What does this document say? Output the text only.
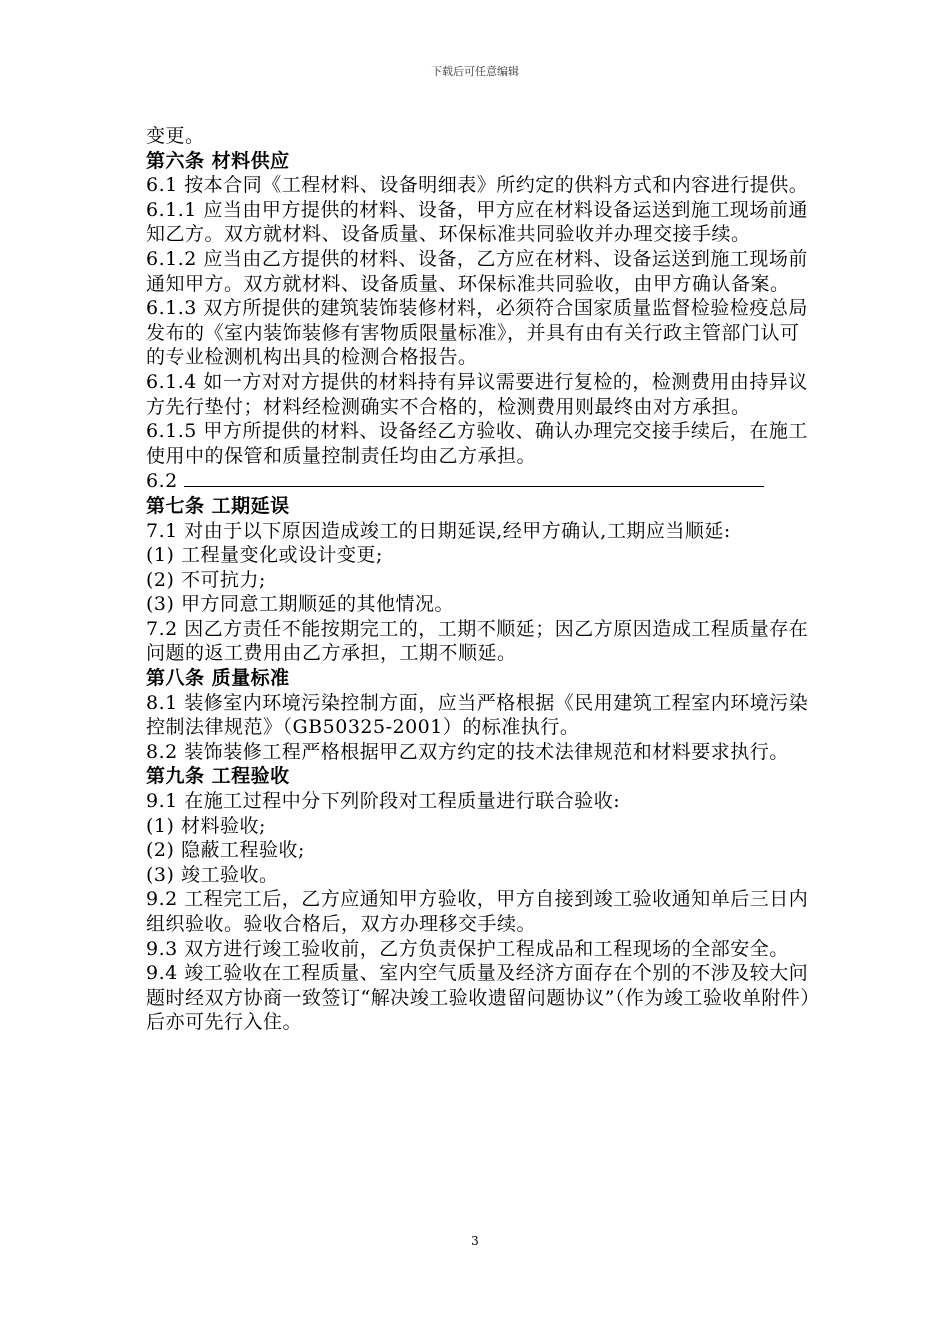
下载后可任意编辑

变更。

第六条 材料供应

6.1 按本合同《工程材料、设备明细表》所约定的供料方式和内容进行提供。

6.1.1 应当由甲方提供的材料、设备，甲方应在材料设备运送到施工现场前通知乙方。双方就材料、设备质量、环保标准共同验收并办理交接手续。

6.1.2 应当由乙方提供的材料、设备，乙方应在材料、设备运送到施工现场前通知甲方。双方就材料、设备质量、环保标准共同验收，由甲方确认备案。

6.1.3 双方所提供的建筑装饰装修材料，必须符合国家质量监督检验检疫总局发布的《室内装饰装修有害物质限量标准》，并具有由有关行政主管部门认可的专业检测机构出具的检测合格报告。

6.1.4 如一方对对方提供的材料持有异议需要进行复检的，检测费用由持异议方先行垫付；材料经检测确实不合格的，检测费用则最终由对方承担。

6.1.5 甲方所提供的材料、设备经乙方验收、确认办理完交接手续后，在施工使用中的保管和质量控制责任均由乙方承担。

6.2

第七条 工期延误

7.1 对由于以下原因造成竣工的日期延误,经甲方确认,工期应当顺延:

(1) 工程量变化或设计变更;

(2) 不可抗力;

(3) 甲方同意工期顺延的其他情况。

7.2 因乙方责任不能按期完工的，工期不顺延；因乙方原因造成工程质量存在问题的返工费用由乙方承担，工期不顺延。

第八条 质量标准

8.1 装修室内环境污染控制方面，应当严格根据《民用建筑工程室内环境污染控制法律规范》（GB50325-2001）的标准执行。

8.2 装饰装修工程严格根据甲乙双方约定的技术法律规范和材料要求执行。

第九条 工程验收

9.1 在施工过程中分下列阶段对工程质量进行联合验收:

(1) 材料验收;

(2) 隐蔽工程验收;

(3) 竣工验收。

9.2 工程完工后，乙方应通知甲方验收，甲方自接到竣工验收通知单后三日内组织验收。验收合格后，双方办理移交手续。

9.3 双方进行竣工验收前，乙方负责保护工程成品和工程现场的全部安全。

9.4 竣工验收在工程质量、室内空气质量及经济方面存在个别的不涉及较大问题时经双方协商一致签订“解决竣工验收遗留问题协议”（作为竣工验收单附件）后亦可先行入住。

3
